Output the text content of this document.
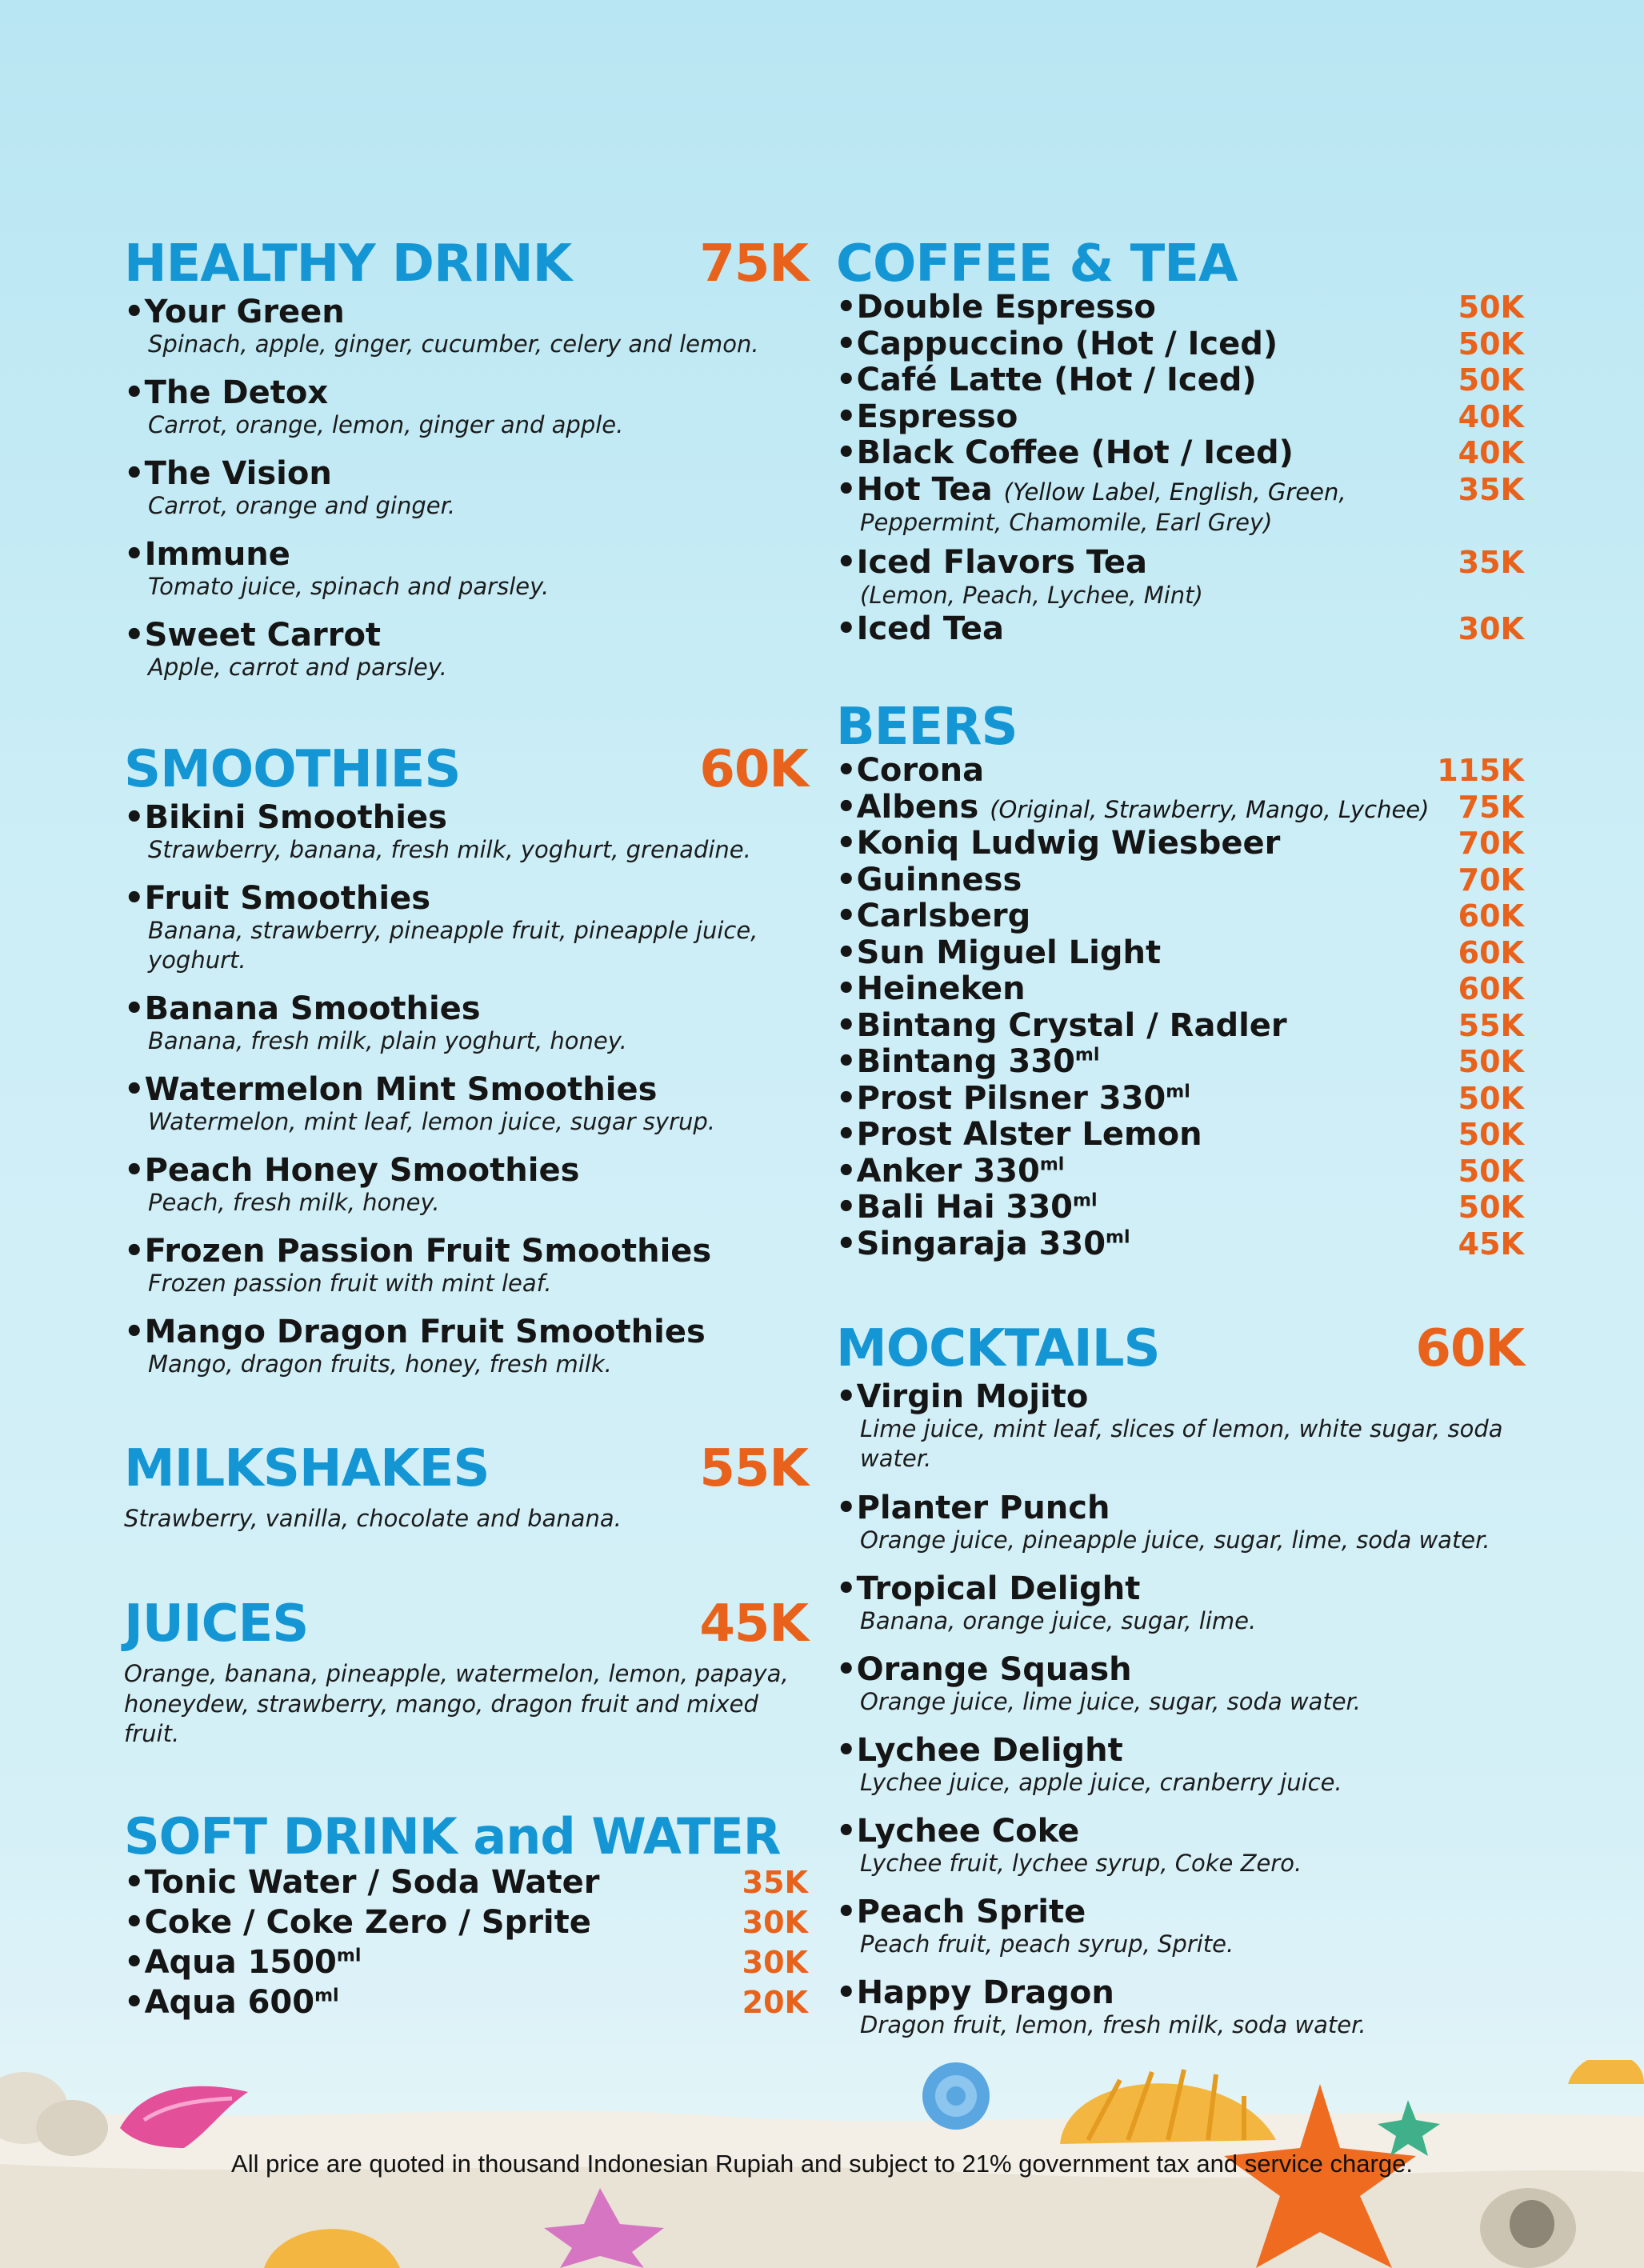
HEALTHY DRINK	75K
• Your Green
Spinach, apple, ginger, cucumber, celery and lemon.
• The Detox
Carrot, orange, lemon, ginger and apple.
• The Vision
Carrot, orange and ginger.
• Immune
Tomato juice, spinach and parsley.
• Sweet Carrot
Apple, carrot and parsley.
SMOOTHIES	60K
• Bikini Smoothies
Strawberry, banana, fresh milk, yoghurt, grenadine.
• Fruit Smoothies
Banana, strawberry, pineapple fruit, pineapple juice, yoghurt.
• Banana Smoothies
Banana, fresh milk, plain yoghurt, honey.
• Watermelon Mint Smoothies
Watermelon, mint leaf, lemon juice, sugar syrup.
• Peach Honey Smoothies
Peach, fresh milk, honey.
• Frozen Passion Fruit Smoothies
Frozen passion fruit with mint leaf.
• Mango Dragon Fruit Smoothies
Mango, dragon fruits, honey, fresh milk.
MILKSHAKES	55K
Strawberry, vanilla, chocolate and banana.
JUICES	45K
Orange, banana, pineapple, watermelon, lemon, papaya, honeydew, strawberry, mango, dragon fruit and mixed fruit.
SOFT DRINK and WATER
• Tonic Water / Soda Water	35K
• Coke / Coke Zero / Sprite	30K
• Aqua $1500^{ml}$	30K
• Aqua $600^{ml}$	20K
COFFEE & TEA
• Double Espresso	50K
• Cappuccino (Hot / Iced)	50K
• Café Latte (Hot / Iced)	50K
• Espresso	40K
• Black Coffee (Hot / Iced)	40K
• Hot Tea (Yellow Label, English, Green,	35K
Peppermint, Chamomile, Earl Grey)
• Iced Flavors Tea	35K
(Lemon, Peach, Lychee, Mint)
• Iced Tea	30K
BEERS
• Corona	115K
• Albens (Original, Strawberry, Mango, Lychee) 75K
• Koniq Ludwig Wiesbeer	70K
• Guinness	70K
• Carlsberg	60K
• Sun Miguel Light	60K
• Heineken	60K
• Bintang Crystal / Radler	55K
• Bintang $330^{ml}$	50K
• Prost Pilsner $330^{ml}$	50K
• Prost Alster Lemon	50K
• Anker $330^{ml}$	50K
• Bali Hai $330^{ml}$	50K
• Singaraja $330^{ml}$	45K
MOCKTAILS	60K
• Virgin Mojito
Lime juice, mint leaf, slices of lemon, white sugar, soda water.
• Planter Punch
Orange juice, pineapple juice, sugar, lime, soda water.
• Tropical Delight
Banana, orange juice, sugar, lime.
• Orange Squash
Orange juice, lime juice, sugar, soda water.
• Lychee Delight
Lychee juice, apple juice, cranberry juice.
• Lychee Coke
Lychee fruit, lychee syrup, Coke Zero.
• Peach Sprite
Peach fruit, peach syrup, Sprite.
• Happy Dragon
Dragon fruit, lemon, fresh milk, soda water.
All price are quoted in thousand Indonesian Rupiah and subject to 21% government tax and service charge.
